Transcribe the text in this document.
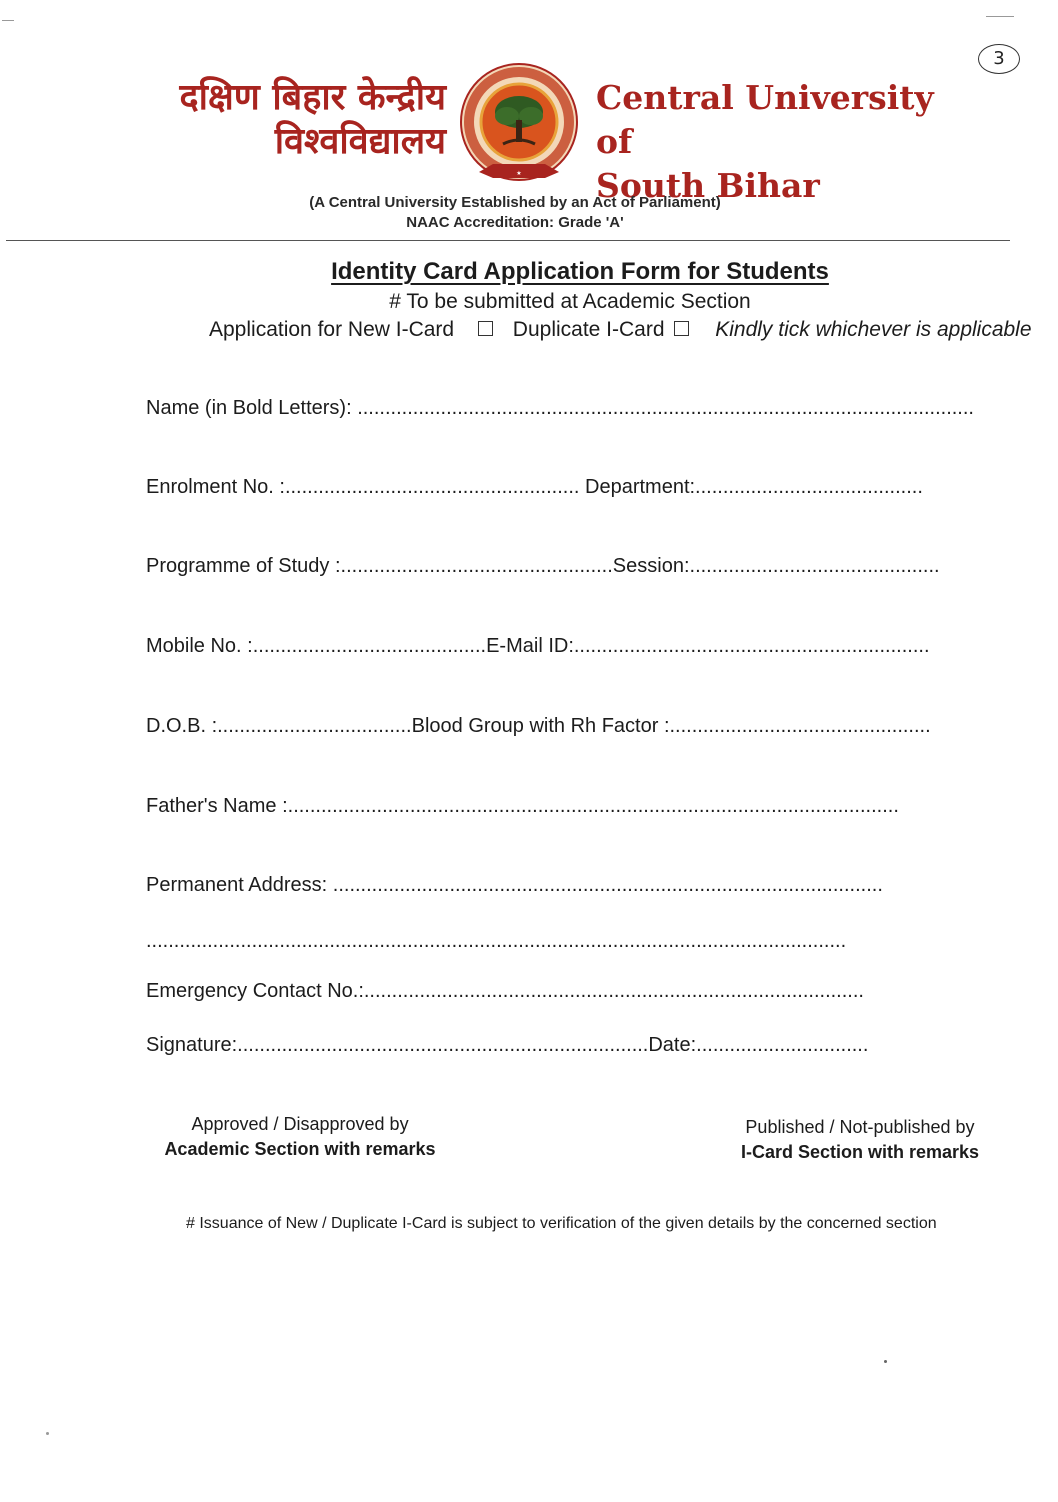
3
दक्षिण बिहार केन्द्रीय
विश्वविद्यालय
★
Central University of
South Bihar
(A Central University Established by an Act of Parliament)
NAAC Accreditation: Grade 'A'
Identity Card Application Form for Students
# To be submitted at Academic Section
Application for New I-Card	Duplicate I-Card Kindly tick whichever is applicable
Name (in Bold Letters): ...............................................................................................................
Enrolment No. :..................................................... Department:.........................................
Programme of Study :.................................................Session:.............................................
Mobile No. :..........................................E-Mail ID:................................................................
D.O.B. :...................................Blood Group with Rh Factor :...............................................
Father's Name :..............................................................................................................
Permanent Address: ...................................................................................................
..............................................................................................................................
Emergency Contact No.:..........................................................................................
Signature:..........................................................................Date:...............................
Approved / Disapproved by
Academic Section with remarks
Published / Not-published by
I-Card Section with remarks
# Issuance of New / Duplicate I-Card is subject to verification of the given details by the concerned section
